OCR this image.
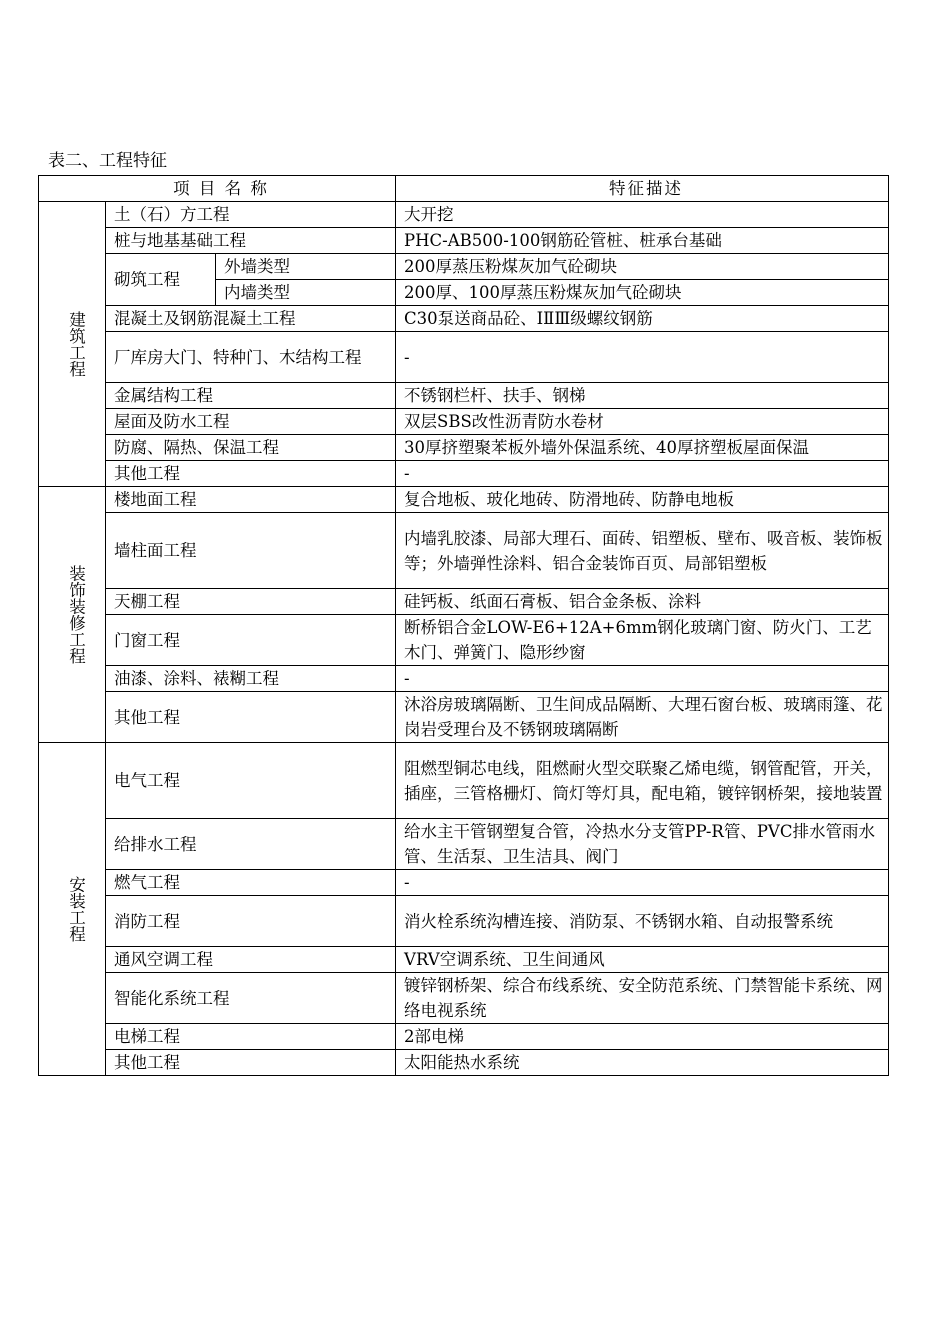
表二、工程特征
项 目 名 称			特征描述
建筑工程	土（石）方工程		大开挖
	桩与地基基础工程		PHC-AB500-100钢筋砼管桩、桩承台基础
	砌筑工程	外墙类型	200厚蒸压粉煤灰加气砼砌块
		内墙类型	200厚、100厚蒸压粉煤灰加气砼砌块
	混凝土及钢筋混凝土工程		C30泵送商品砼、ⅠⅡⅢ级螺纹钢筋
	厂库房大门、特种门、木结构工程		-
	金属结构工程		不锈钢栏杆、扶手、钢梯
	屋面及防水工程		双层SBS改性沥青防水卷材
	防腐、隔热、保温工程		30厚挤塑聚苯板外墙外保温系统、40厚挤塑板屋面保温
	其他工程		-
装饰装修工程	楼地面工程		复合地板、玻化地砖、防滑地砖、防静电地板
	墙柱面工程		内墙乳胶漆、局部大理石、面砖、铝塑板、壁布、吸音板、装饰板 等；外墙弹性涂料、铝合金装饰百页、局部铝塑板
	天棚工程		硅钙板、纸面石膏板、铝合金条板、涂料
	门窗工程		断桥铝合金LOW-E6+12A+6mm钢化玻璃门窗、防火门、工艺木门、弹簧门、隐形纱窗
	油漆、涂料、裱糊工程		-
	其他工程		沐浴房玻璃隔断、卫生间成品隔断、大理石窗台板、玻璃雨篷、花岗岩受理台及不锈钢玻璃隔断
安装工程	电气工程		阻燃型铜芯电线，阻燃耐火型交联聚乙烯电缆，钢管配管，开关，插座，三管格栅灯、筒灯等灯具，配电箱，镀锌钢桥架，接地装置
	给排水工程		给水主干管钢塑复合管，冷热水分支管PP-R管、PVC排水管雨水管、生活泵、卫生洁具、阀门
	燃气工程		-
	消防工程		消火栓系统沟槽连接、消防泵、不锈钢水箱、自动报警系统
	通风空调工程		VRV空调系统、卫生间通风
	智能化系统工程		镀锌钢桥架、综合布线系统、安全防范系统、门禁智能卡系统、网络电视系统
	电梯工程		2部电梯
	其他工程		太阳能热水系统
